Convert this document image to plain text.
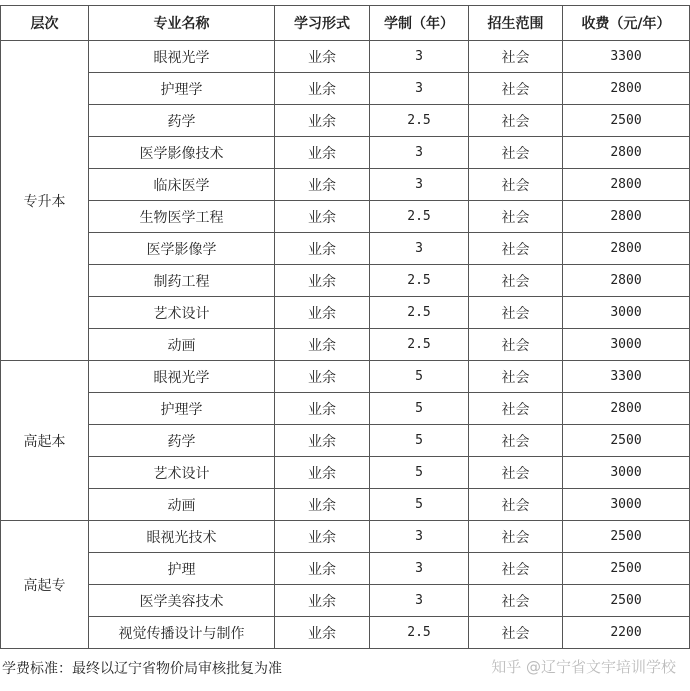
层次	专业名称	学习形式	学制（年）	招生范围	收费（元/年）
专升本	眼视光学	业余	3	社会	3300
	护理学	业余	3	社会	2800
	药学	业余	2.5	社会	2500
	医学影像技术	业余	3	社会	2800
	临床医学	业余	3	社会	2800
	生物医学工程	业余	2.5	社会	2800
	医学影像学	业余	3	社会	2800
	制药工程	业余	2.5	社会	2800
	艺术设计	业余	2.5	社会	3000
	动画	业余	2.5	社会	3000
高起本	眼视光学	业余	5	社会	3300
	护理学	业余	5	社会	2800
	药学	业余	5	社会	2500
	艺术设计	业余	5	社会	3000
	动画	业余	5	社会	3000
高起专	眼视光技术	业余	3	社会	2500
	护理	业余	3	社会	2500
	医学美容技术	业余	3	社会	2500
	视觉传播设计与制作	业余	2.5	社会	2200
学费标准：最终以辽宁省物价局审核批复为准	知乎 @辽宁省文宇培训学校
